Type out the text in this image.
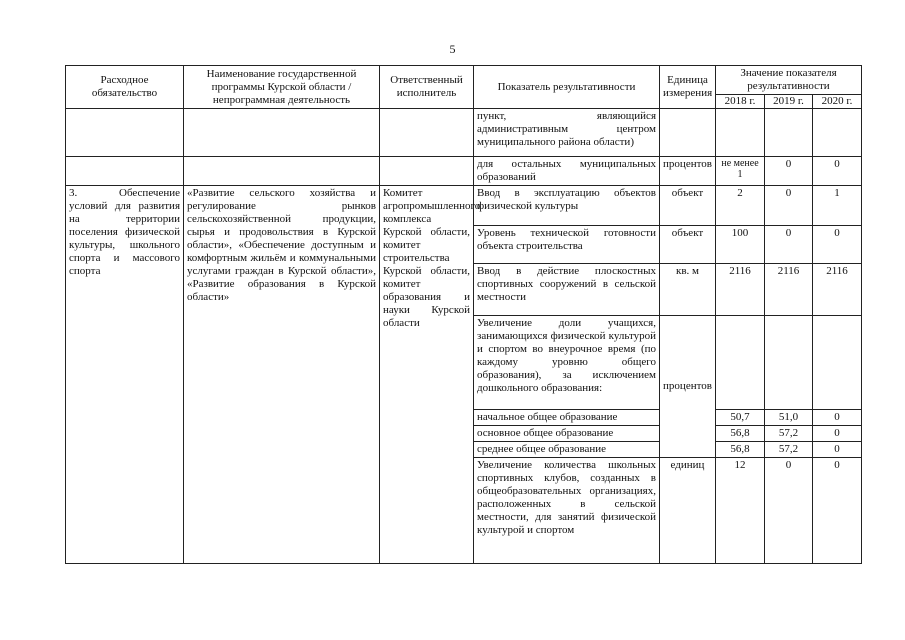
5
Расходное обязательство	Наименование государственной программы Курской области / непрограммная деятельность	Ответственный исполнитель	Показатель результативности	Единица измерения	Значение показателя результативности		
					2018 г.	2019 г.	2020 г.
			пункт, являющийся административным центром муниципального района области)				
			для остальных муниципальных образований	процентов	не менее 1	0	0
3. Обеспечение условий для развития на территории поселения физической культуры, школьного спорта и массового спорта	«Развитие сельского хозяйства и регулирование рынков сельскохозяйственной продукции, сырья и продовольствия в Курской области», «Обеспечение доступным и комфортным жильём и коммунальными услугами граждан в Курской области», «Развитие образования в Курской области»	Комитет агропромышленного комплекса Курской области, комитет строительства Курской области, комитет образования и науки Курской области	Ввод в эксплуатацию объектов физической культуры	объект	2	0	1
			Уровень технической готовности объекта строительства	объект	100	0	0
			Ввод в действие плоскостных спортивных сооружений в сельской местности	кв. м	2116	2116	2116
			Увеличение доли учащихся, занимающихся физической культурой и спортом во внеурочное время (по каждому уровню общего образования), за исключением дошкольного образования:	процентов			
			начальное общее образование		50,7	51,0	0
			основное общее образование		56,8	57,2	0
			среднее общее образование		56,8	57,2	0
			Увеличение количества школьных спортивных клубов, созданных в общеобразовательных организациях, расположенных в сельской местности, для занятий физической культурой и спортом	единиц	12	0	0
